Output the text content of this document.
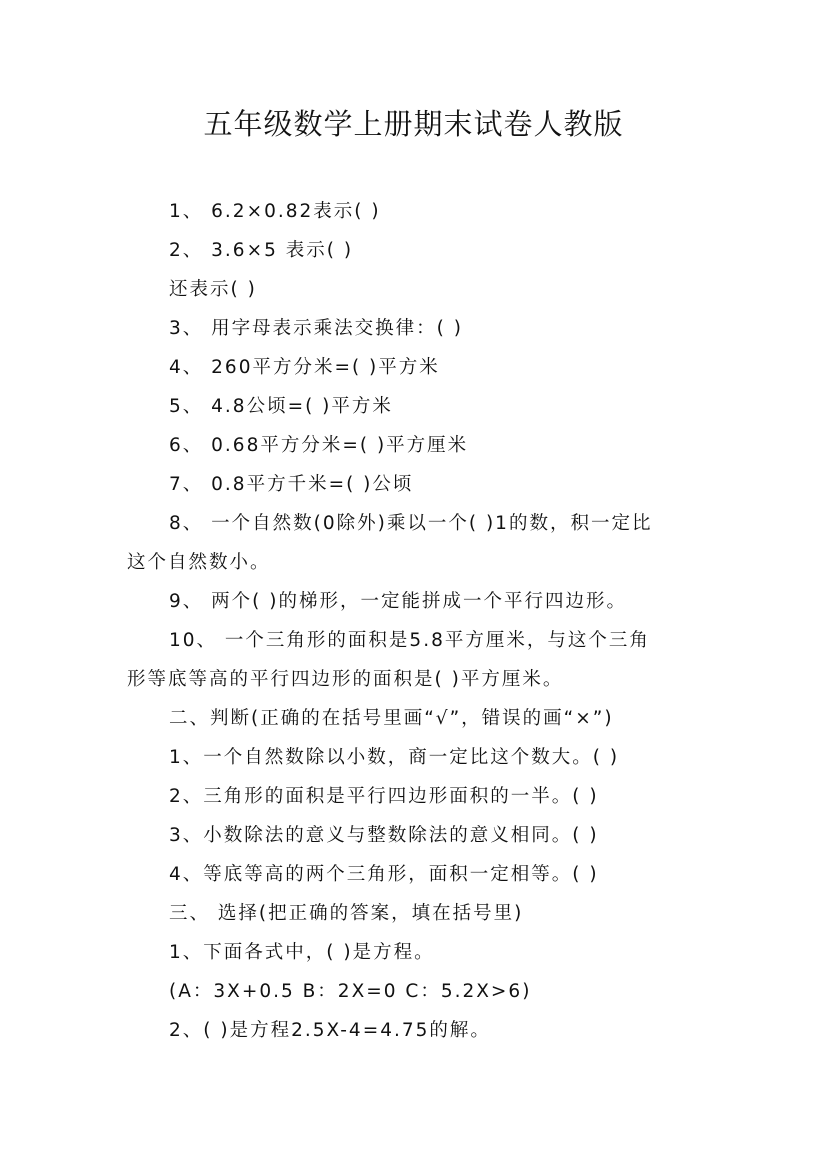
五年级数学上册期末试卷人教版

1、 6.2×0.82表示( )

2、 3.6×5 表示( )

还表示( )

3、 用字母表示乘法交换律：( )

4、 260平方分米=( )平方米

5、 4.8公顷=( )平方米

6、 0.68平方分米=( )平方厘米

7、 0.8平方千米=( )公顷

8、 一个自然数(0除外)乘以一个( )1的数，积一定比

这个自然数小。

9、 两个( )的梯形，一定能拼成一个平行四边形。

10、 一个三角形的面积是5.8平方厘米，与这个三角

形等底等高的平行四边形的面积是( )平方厘米。

二、判断(正确的在括号里画“√”，错误的画“×”)

1、一个自然数除以小数，商一定比这个数大。( )

2、三角形的面积是平行四边形面积的一半。( )

3、小数除法的意义与整数除法的意义相同。( )

4、等底等高的两个三角形，面积一定相等。( )

三、 选择(把正确的答案，填在括号里)

1、下面各式中，( )是方程。

(A：3X+0.5 B：2X=0 C：5.2X>6)

2、( )是方程2.5X-4=4.75的解。
